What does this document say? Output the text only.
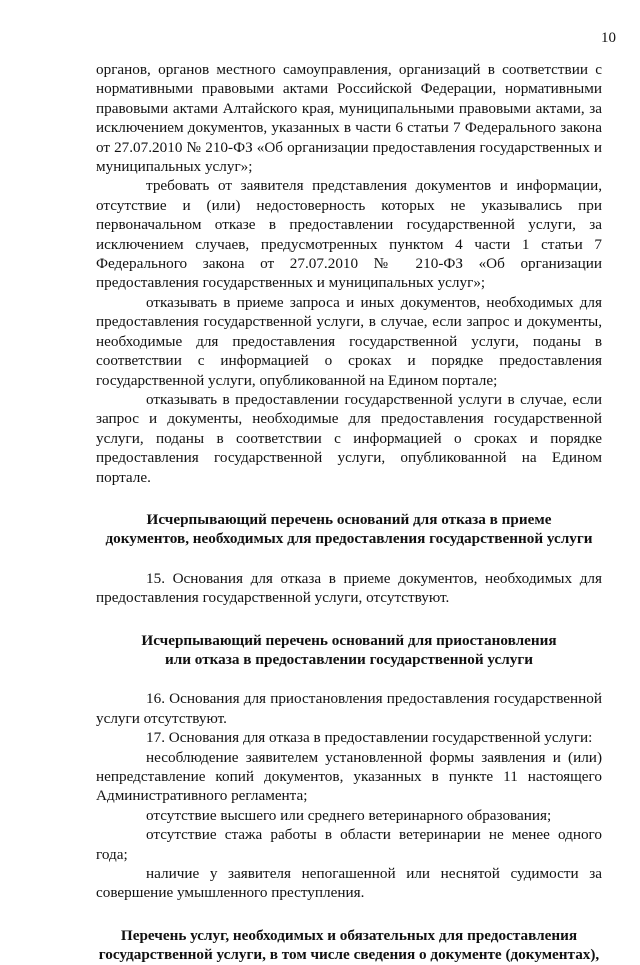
10

органов, органов местного самоуправления, организаций в соответствии с нормативными правовыми актами Российской Федерации, нормативными правовыми актами Алтайского края, муниципальными правовыми актами, за исключением документов, указанных в части 6 статьи 7 Федерального закона от 27.07.2010 № 210-ФЗ «Об организации предоставления государственных и муниципальных услуг»;

требовать от заявителя представления документов и информации, отсутствие и (или) недостоверность которых не указывались при первоначальном отказе в предоставлении государственной услуги, за исключением случаев, предусмотренных пунктом 4 части 1 статьи 7 Федерального закона от 27.07.2010 № 210-ФЗ «Об организации предоставления государственных и муниципальных услуг»;

отказывать в приеме запроса и иных документов, необходимых для предоставления государственной услуги, в случае, если запрос и документы, необходимые для предоставления государственной услуги, поданы в соответствии с информацией о сроках и порядке предоставления государственной услуги, опубликованной на Едином портале;

отказывать в предоставлении государственной услуги в случае, если запрос и документы, необходимые для предоставления государственной услуги, поданы в соответствии с информацией о сроках и порядке предоставления государственной услуги, опубликованной на Едином портале.

Исчерпывающий перечень оснований для отказа в приеме

документов, необходимых для предоставления государственной услуги

15. Основания для отказа в приеме документов, необходимых для предоставления государственной услуги, отсутствуют.

Исчерпывающий перечень оснований для приостановления

или отказа в предоставлении государственной услуги

16. Основания для приостановления предоставления государственной услуги отсутствуют.

17. Основания для отказа в предоставлении государственной услуги:

несоблюдение заявителем установленной формы заявления и (или) непредставление копий документов, указанных в пункте 11 настоящего Административного регламента;

отсутствие высшего или среднего ветеринарного образования;

отсутствие стажа работы в области ветеринарии не менее одного года;

наличие у заявителя непогашенной или неснятой судимости за совершение умышленного преступления.

Перечень услуг, необходимых и обязательных для предоставления

государственной услуги, в том числе сведения о документе (документах),
